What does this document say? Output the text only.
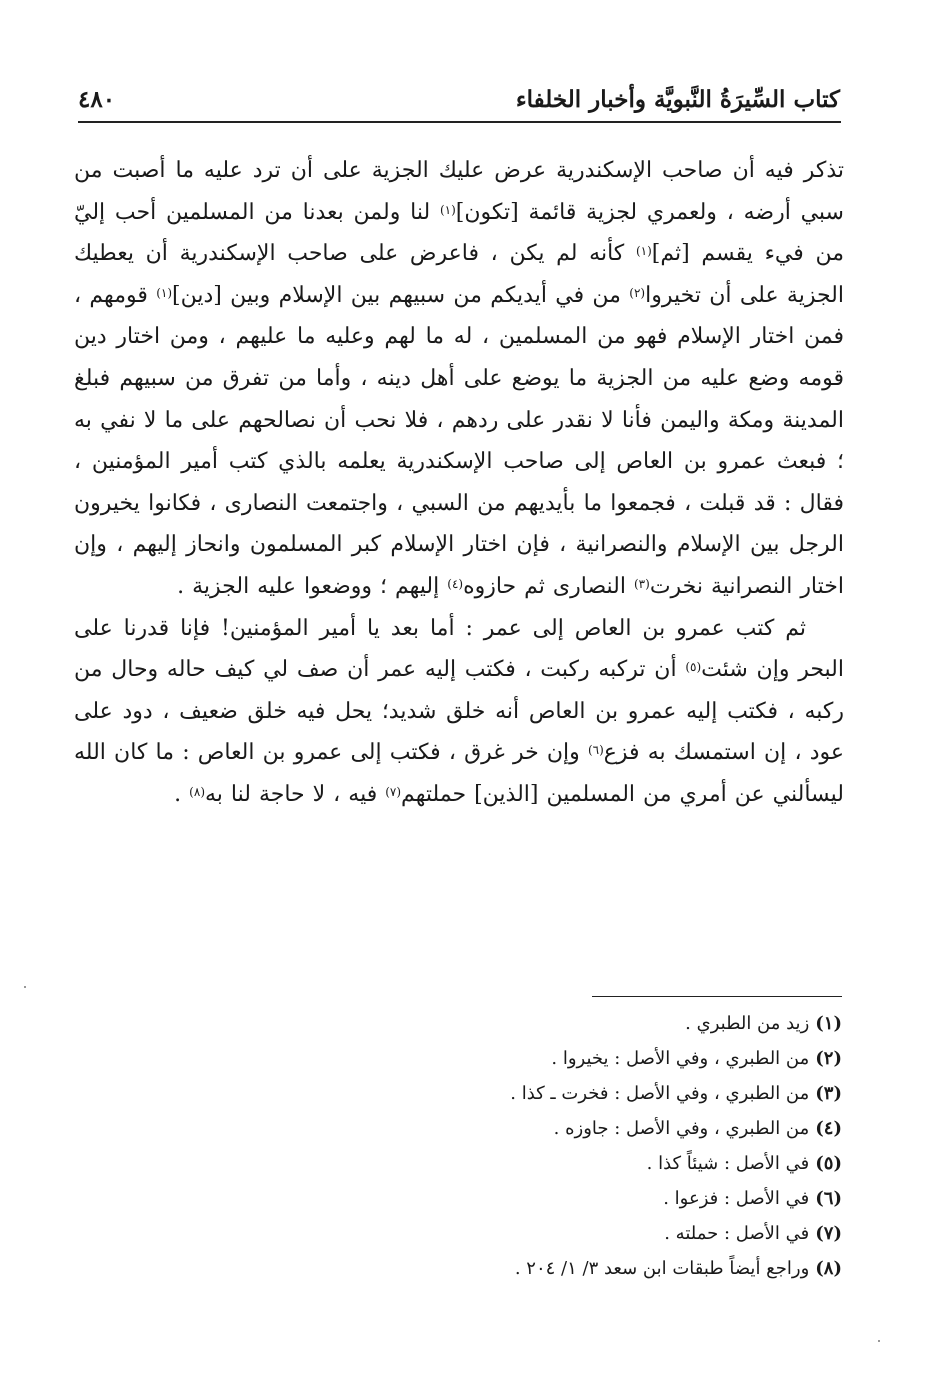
كتاب السِّيرَةُ النَّبويَّة وأخبار الخلفاء
٤٨٠

تذكر فيه أن صاحب الإسكندرية عرض عليك الجزية على أن ترد عليه ما أصبت من سبي أرضه ، ولعمري لجزية قائمة [تكون]$^{(١)}$ لنا ولمن بعدنا من المسلمين أحب إليّ من فيء يقسم [ثم]$^{(١)}$ كأنه لم يكن ، فاعرض على صاحب الإسكندرية أن يعطيك الجزية على أن تخيروا$^{(٢)}$ من في أيديكم من سبيهم بين الإسلام وبين [دين]$^{(١)}$ قومهم ، فمن اختار الإسلام فهو من المسلمين ، له ما لهم وعليه ما عليهم ، ومن اختار دين قومه وضع عليه من الجزية ما يوضع على أهل دينه ، وأما من تفرق من سبيهم فبلغ المدينة ومكة واليمن فأنا لا نقدر على ردهم ، فلا نحب أن نصالحهم على ما لا نفي به ؛ فبعث عمرو بن العاص إلى صاحب الإسكندرية يعلمه بالذي كتب أمير المؤمنين ، فقال : قد قبلت ، فجمعوا ما بأيديهم من السبي ، واجتمعت النصارى ، فكانوا يخيرون الرجل بين الإسلام والنصرانية ، فإن اختار الإسلام كبر المسلمون وانحاز إليهم ، وإن اختار النصرانية نخرت$^{(٣)}$ النصارى ثم حازوه$^{(٤)}$ إليهم ؛ ووضعوا عليه الجزية .

ثم كتب عمرو بن العاص إلى عمر : أما بعد يا أمير المؤمنين! فإنا قدرنا على البحر وإن شئت$^{(٥)}$ أن تركبه ركبت ، فكتب إليه عمر أن صف لي كيف حاله وحال من ركبه ، فكتب إليه عمرو بن العاص أنه خلق شديد؛ يحل فيه خلق ضعيف ، دود على عود ، إن استمسك به فزع$^{(٦)}$ وإن خر غرق ، فكتب إلى عمرو بن العاص : ما كان الله ليسألني عن أمري من المسلمين [الذين] حملتهم$^{(٧)}$ فيه ، لا حاجة لنا به$^{(٨)}$ .

(١)زيد من الطبري .
(٢)من الطبري ، وفي الأصل : يخيروا .
(٣)من الطبري ، وفي الأصل : فخرت ـ كذا .
(٤)من الطبري ، وفي الأصل : جاوزه .
(٥)في الأصل : شيئاً كذا .
(٦)في الأصل : فزعوا .
(٧)في الأصل : حملته .
(٨)وراجع أيضاً طبقات ابن سعد ٣/ ١/ ٢٠٤ .
